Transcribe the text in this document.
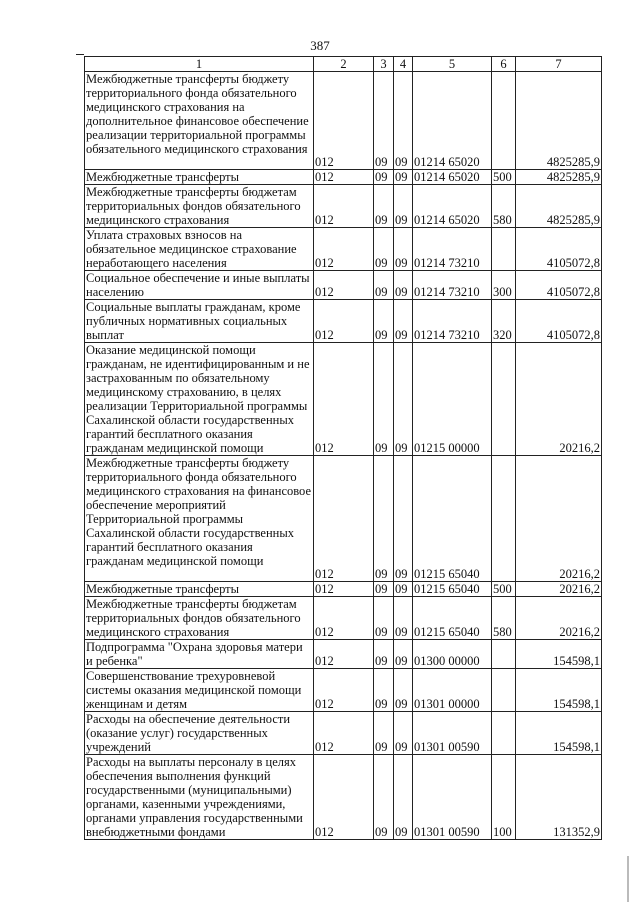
387
1	2	3	4	5	6	7
Межбюджетные трансферты бюджету территориального фонда обязательного медицинского страхования на дополнительное финансовое обеспечение реализации территориальной программы обязательного медицинского страхования	012	09	09	01214 65020		4825285,9
Межбюджетные трансферты	012	09	09	01214 65020	500	4825285,9
Межбюджетные трансферты бюджетам территориальных фондов обязательного медицинского страхования	012	09	09	01214 65020	580	4825285,9
Уплата страховых взносов на обязательное медицинское страхование неработающего населения	012	09	09	01214 73210		4105072,8
Социальное обеспечение и иные выплаты населению	012	09	09	01214 73210	300	4105072,8
Социальные выплаты гражданам, кроме публичных нормативных социальных выплат	012	09	09	01214 73210	320	4105072,8
Оказание медицинской помощи гражданам, не идентифицированным и не застрахованным по обязательному медицинскому страхованию, в целях реализации Территориальной программы Сахалинской области государственных гарантий бесплатного оказания гражданам медицинской помощи	012	09	09	01215 00000		20216,2
Межбюджетные трансферты бюджету территориального фонда обязательного медицинского страхования на финансовое обеспечение мероприятий Территориальной программы Сахалинской области государственных гарантий бесплатного оказания гражданам медицинской помощи	012	09	09	01215 65040		20216,2
Межбюджетные трансферты	012	09	09	01215 65040	500	20216,2
Межбюджетные трансферты бюджетам территориальных фондов обязательного медицинского страхования	012	09	09	01215 65040	580	20216,2
Подпрограмма "Охрана здоровья матери и ребенка"	012	09	09	01300 00000		154598,1
Совершенствование трехуровневой системы оказания медицинской помощи женщинам и детям	012	09	09	01301 00000		154598,1
Расходы на обеспечение деятельности (оказание услуг) государственных учреждений	012	09	09	01301 00590		154598,1
Расходы на выплаты персоналу в целях обеспечения выполнения функций государственными (муниципальными) органами, казенными учреждениями, органами управления государственными внебюджетными фондами	012	09	09	01301 00590	100	131352,9
